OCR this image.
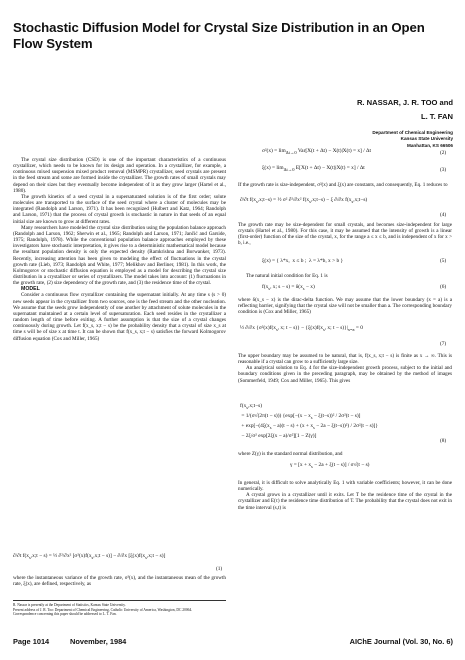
Stochastic Diffusion Model for Crystal Size Distribution in an Open Flow System
R. NASSAR, J. R. TOO and
L. T. FAN
Department of Chemical Engineering
Kansas State University
Manhattan, KS 66506

The crystal size distribution (CSD) is one of the important characteristics of a continuous crystallizer, which needs to be known for its design and operation. In a crystallizer, for example, a continuous mixed suspension mixed product removal (MSMPR) crystallizer, seed crystals are present in the feed stream and some are formed inside the crystallizer. The growth rates of small crystals may depend on their sizes but they eventually become independent of it as they grow larger (Hartel et al., 1980).

The growth kinetics of a seed crystal in a supersaturated solution is of the first order; solute molecules are transported to the surface of the seed crystal where a cluster of molecules may be integrated (Randolph and Larson, 1971). It has been recognized (Hulbert and Katz, 1964; Randolph and Larson, 1971) that the process of crystal growth is stochastic in nature in that seeds of an equal initial size are known to grow at different rates.

Many researchers have modeled the crystal size distribution using the population balance approach (Randolph and Larson, 1962; Sherwin et al., 1965; Randolph and Larson, 1971; Jančić and Garside, 1975; Randolph, 1978). While the conventional population balance approaches employed by these investigators have stochastic interpretation, it gives rise to a deterministic mathematical model because the resultant population density is only the expected density (Ramkrishna and Borwanker, 1973). Recently, increasing attention has been given to modeling the effect of fluctuations in the crystal growth rate (Lieb, 1973; Randolph and White, 1977; Melikhov and Berliner, 1981). In this work, the Kolmogorov or stochastic diffusion equation is employed as a model for describing the crystal size distribution in a crystallizer or series of crystallizers. The model takes into account: (1) fluctuations in the growth rate, (2) size dependency of the growth rate, and (3) the residence time of the crystal.

MODEL

Consider a continuous flow crystallizer containing the supernatant initially. At any time s (s > 0) new seeds appear in the crystallizer from two sources, one is the feed stream and the other nucleation. We assume that the seeds grow independently of one another by attachment of solute molecules in the supernatant maintained at a certain level of supersaturation. Each seed resides in the crystallizer a random length of time before exiting. A further assumption is that the size of a crystal changes continuously during growth. Let f(x_s, x;t − s) be the probability density that a crystal of size x_s at time s will be of size x at time t. It can be shown that f(x_s, x;t − s) satisfies the forward Kolmogorov diffusion equation (Cox and Miller, 1965)

∂/∂t $f(x_s,x;t - s)$ = ½ ∂²/∂x² $[\sigma^2(x)f(x_s,x;t - s)] - \partial/\partial x$ $[\xi(x)f(x_s,x;t - s)]$
(1)

where the instantaneous variance of the growth rate, σ²(x), and the instantaneous mean of the growth rate, ξ(x), are defined, respectively, as

R. Nassar is presently at the Department of Statistics, Kansas State University.
Present address of J. R. Too: Department of Chemical Engineering, Catholic University of America, Washington, DC 20064.
Correspondence concerning this paper should be addressed to L. T. Fan.
$\sigma^2(x) = \lim_{\Delta t\to 0} Var[X(t + \Delta t) - X(t)|X(t) = x] / \Delta t$	(2)
$\xi(x) = \lim_{\Delta t\to 0} E[X(t + \Delta t) - X(t)|X(t) = x] / \Delta t$	(3)

If the growth rate is size-independent, σ²(x) and ξ(x) are constants, and consequently, Eq. 1 reduces to

∂/∂t $f(x_s,x;t-s)$ = ½ σ² ∂²/∂x² $f(x_s,x;t-s) - \xi$ ∂/∂x $f(x_s,x;t-s)$
(4)

The growth rate may be size-dependent for small crystals, and becomes size-independent for large crystals (Hartel et al., 1980). For this case, it may be assumed that the intensity of growth is a linear (first-order) function of the size of the crystal, x, for the range a ≤ x ≤ b, and is independent of x for x > b, i.e.,

ξ(x) = { λ*x,  x ≤ b ;  λ = λ*b, x > b }	(5)

The natural initial condition for Eq. 1 is

$f(x_s$, x; $s - s) = \delta(x_s - x)$	(6)

where δ(x_s − x) is the dirac-delta function. We may assume that the lower boundary (x = a) is a reflecting barrier, signifying that the crystal size will not be smaller than a. The corresponding boundary condition is (Cox and Miller, 1965)

½ ∂/∂x {$\sigma^2(x)f(x_s$, x; $t - s)\} - \{\xi(x)f(x_s$, x; $t - s)\}|_{x=a} = 0$
(7)

The upper boundary may be assumed to be natural, that is, f(x_s, x;t − s) is finite as x → ∞. This is reasonable if a crystal can grow to a sufficiently large size.

An analytical solution to Eq. 4 for the size-independent growth process, subject to the initial and boundary conditions given in the preceding paragraph, may be obtained by the method of images (Sommerfeld, 1949; Cox and Miller, 1965). This gives

$f(x_s,x;t-s)$
= 1/(σ√(2π(t − s))) {$\exp[-(x - x_s - \xi(t-s))^2 / 2\sigma^2(t - s)]$
+ $\exp[-(4\xi(x_s - a)(t - s) + (x + x_s - 2a - \xi(t-s))^2) / 2\sigma^2(t - s)]$}
− 2ξ/σ² exp[2ξ(x − a)/σ²][1 − Z(γ)]
(8)

where Z(γ) is the standard normal distribution, and

$\gamma = [x + x_s - 2a + \xi(t - s)] / \sigma√(t - s)$

In general, it is difficult to solve analytically Eq. 1 with variable coefficients; however, it can be done numerically.

A crystal grows in a crystallizer until it exits. Let T be the residence time of the crystal in the crystallizer and E(τ) the residence time distribution of T. The probability that the crystal does not exit in the time interval (s,t) is

Page 1014	November, 1984	AIChE Journal (Vol. 30, No. 6)
